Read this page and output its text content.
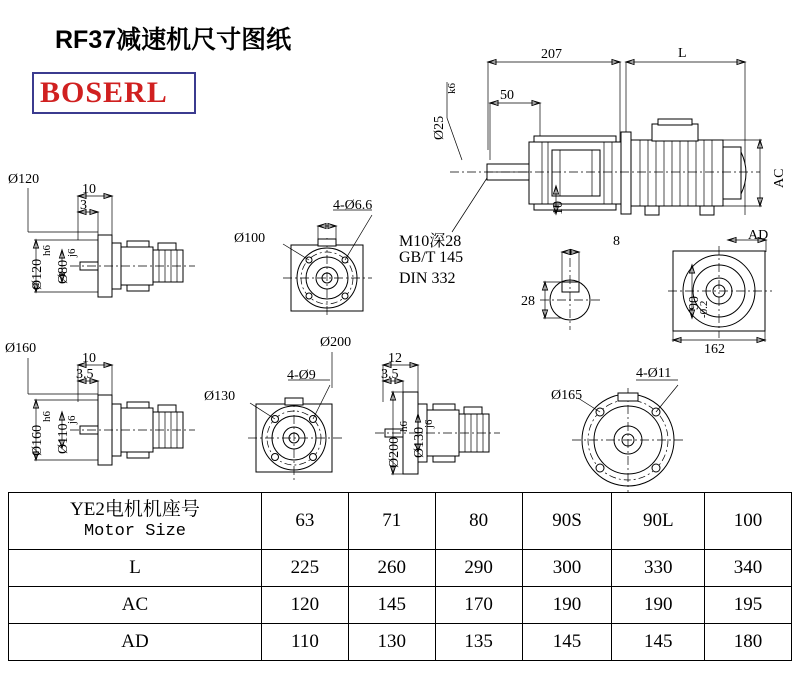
RF37减速机尺寸图纸
BOSERL
207	L
50
Ø25
k6
AC
AD
10
8
28
162
90
-0.2
M10深28
GB/T 145
DIN 332
Ø120
10
3
Ø120
h6
Ø80
j6
4-Ø6.6
Ø100
Ø160
10
3.5
Ø160
h6
Ø110
j6
4-Ø9
Ø130
Ø200
12
3.5
Ø200
h6
Ø130
j6
4-Ø11
Ø165
YE2电机机座号
Motor Size	63	71	80	90S	90L	100
L	225	260	290	300	330	340
AC	120	145	170	190	190	195
AD	110	130	135	145	145	180
